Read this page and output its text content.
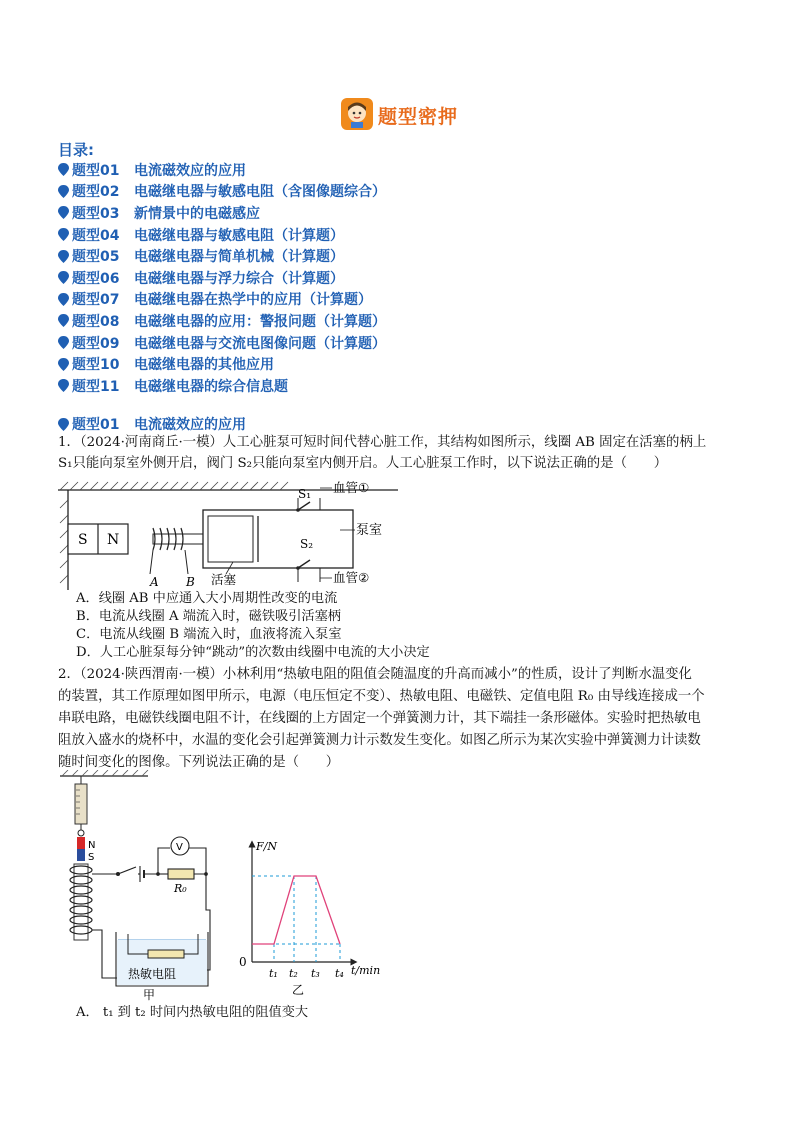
题型密押
目录:
题型01	电流磁效应的应用
题型02	电磁继电器与敏感电阻（含图像题综合）
题型03	新情景中的电磁感应
题型04	电磁继电器与敏感电阻（计算题）
题型05	电磁继电器与简单机械（计算题）
题型06	电磁继电器与浮力综合（计算题）
题型07	电磁继电器在热学中的应用（计算题）
题型08	电磁继电器的应用：警报问题（计算题）
题型09	电磁继电器与交流电图像问题（计算题）
题型10	电磁继电器的其他应用
题型11	电磁继电器的综合信息题
题型01	电流磁效应的应用
1．（2024·河南商丘·一模）人工心脏泵可短时间代替心脏工作，其结构如图所示，线圈 AB 固定在活塞的柄上
S₁只能向泵室外侧开启，阀门 S₂只能向泵室内侧开启。人工心脏泵工作时，以下说法正确的是（　　）
S N
A B
S₁
S₂
血管①
血管②
泵室
活塞
A．线圈 AB 中应通入大小周期性改变的电流
B．电流从线圈 A 端流入时，磁铁吸引活塞柄
C．电流从线圈 B 端流入时，血液将流入泵室
D．人工心脏泵每分钟“跳动”的次数由线圈中电流的大小决定
2．（2024·陕西渭南·一模）小林利用“热敏电阻的阻值会随温度的升高而减小”的性质，设计了判断水温变化
的装置，其工作原理如图甲所示，电源（电压恒定不变）、热敏电阻、电磁铁、定值电阻 R₀ 由导线连接成一个
串联电路，电磁铁线圈电阻不计，在线圈的上方固定一个弹簧测力计，其下端挂一条形磁体。实验时把热敏电
阻放入盛水的烧杯中，水温的变化会引起弹簧测力计示数发生变化。如图乙所示为某次实验中弹簧测力计读数
随时间变化的图像。下列说法正确的是（　　）
N
S
V
R₀
热敏电阻
甲
F/N
0
t₁ t₂ t₃ t₄ t/min
乙
A． t₁ 到 t₂ 时间内热敏电阻的阻值变大
